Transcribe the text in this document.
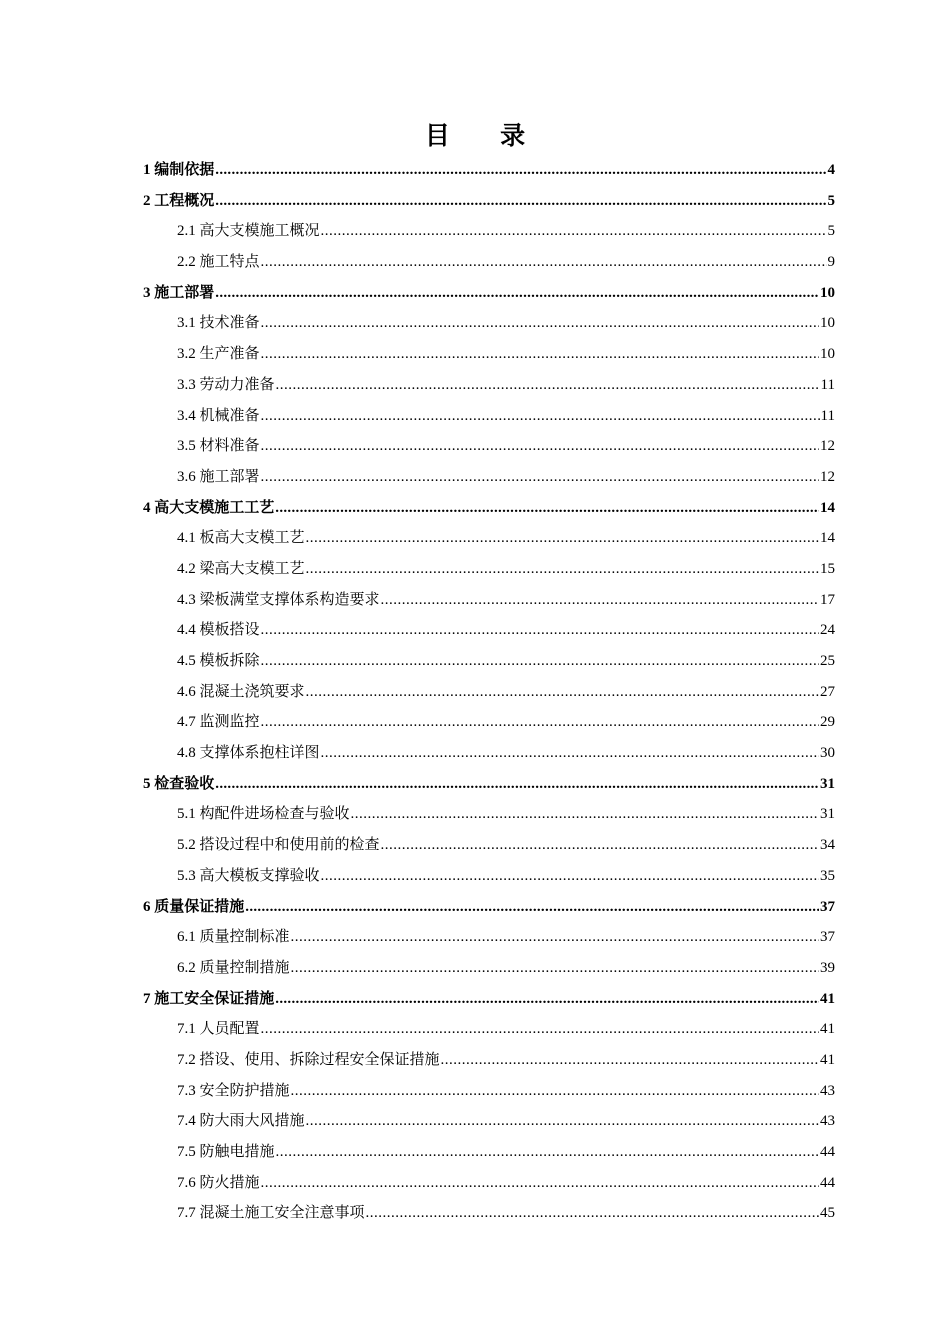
目 录
1 编制依据 .....	4
2 工程概况 .....	5
2.1 高大支模施工概况 .....	5
2.2 施工特点 .....	9
3 施工部署 .....	10
3.1 技术准备 .....	10
3.2 生产准备 .....	10
3.3 劳动力准备 .....	11
3.4 机械准备 .....	11
3.5 材料准备 .....	12
3.6 施工部署 .....	12
4 高大支模施工工艺 .....	14
4.1 板高大支模工艺 .....	14
4.2 梁高大支模工艺 .....	15
4.3 梁板满堂支撑体系构造要求 .....	17
4.4 模板搭设 .....	24
4.5 模板拆除 .....	25
4.6 混凝土浇筑要求 .....	27
4.7 监测监控 .....	29
4.8 支撑体系抱柱详图 .....	30
5 检查验收 .....	31
5.1 构配件进场检查与验收 .....	31
5.2 搭设过程中和使用前的检查 .....	34
5.3 高大模板支撑验收 .....	35
6 质量保证措施 .....	37
6.1 质量控制标准 .....	37
6.2 质量控制措施 .....	39
7 施工安全保证措施 .....	41
7.1 人员配置 .....	41
7.2 搭设、使用、拆除过程安全保证措施 .....	41
7.3 安全防护措施 .....	43
7.4 防大雨大风措施 .....	43
7.5 防触电措施 .....	44
7.6 防火措施 .....	44
7.7 混凝土施工安全注意事项 .....	45
